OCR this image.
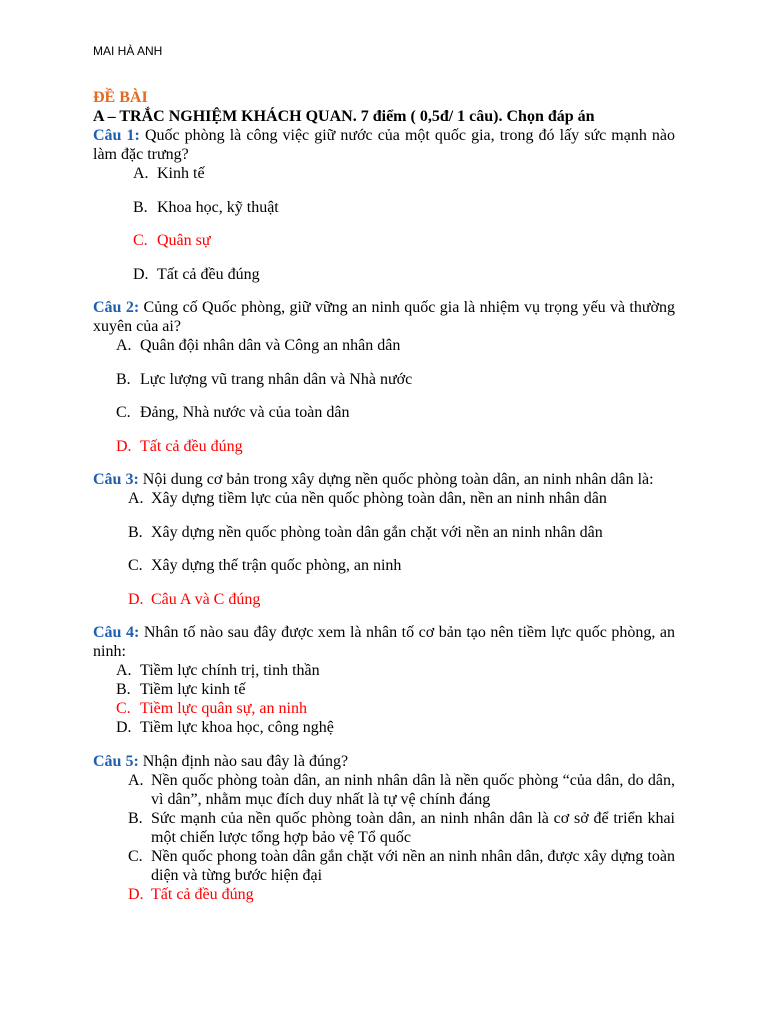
MAI HÀ ANH
ĐỀ BÀI
A – TRẮC NGHIỆM KHÁCH QUAN. 7 điểm ( 0,5đ/ 1 câu). Chọn đáp án
Câu 1: Quốc phòng là công việc giữ nước của một quốc gia, trong đó lấy sức mạnh nào làm đặc trưng?
A. Kinh tế
B. Khoa học, kỹ thuật
C. Quân sự
D. Tất cả đều đúng
Câu 2: Củng cố Quốc phòng, giữ vững an ninh quốc gia là nhiệm vụ trọng yếu và thường xuyên của ai?
A. Quân đội nhân dân và Công an nhân dân
B. Lực lượng vũ trang nhân dân và Nhà nước
C. Đảng, Nhà nước và của toàn dân
D. Tất cả đều đúng
Câu 3: Nội dung cơ bản trong xây dựng nền quốc phòng toàn dân, an ninh nhân dân là:
A. Xây dựng tiềm lực của nền quốc phòng toàn dân, nền an ninh nhân dân
B. Xây dựng nền quốc phòng toàn dân gắn chặt với nền an ninh nhân dân
C. Xây dựng thế trận quốc phòng, an ninh
D. Câu A và C đúng
Câu 4: Nhân tố nào sau đây được xem là nhân tố cơ bản tạo nên tiềm lực quốc phòng, an ninh:
A. Tiềm lực chính trị, tinh thần
B. Tiềm lực kinh tế
C. Tiềm lực quân sự, an ninh
D. Tiềm lực khoa học, công nghệ
Câu 5: Nhận định nào sau đây là đúng?
A. Nền quốc phòng toàn dân, an ninh nhân dân là nền quốc phòng “của dân, do dân, vì dân”, nhằm mục đích duy nhất là tự vệ chính đáng
B. Sức mạnh của nền quốc phòng toàn dân, an ninh nhân dân là cơ sở để triển khai một chiến lược tổng hợp bảo vệ Tổ quốc
C. Nền quốc phong toàn dân gắn chặt với nền an ninh nhân dân, được xây dựng toàn diện và từng bước hiện đại
D. Tất cả đều đúng
